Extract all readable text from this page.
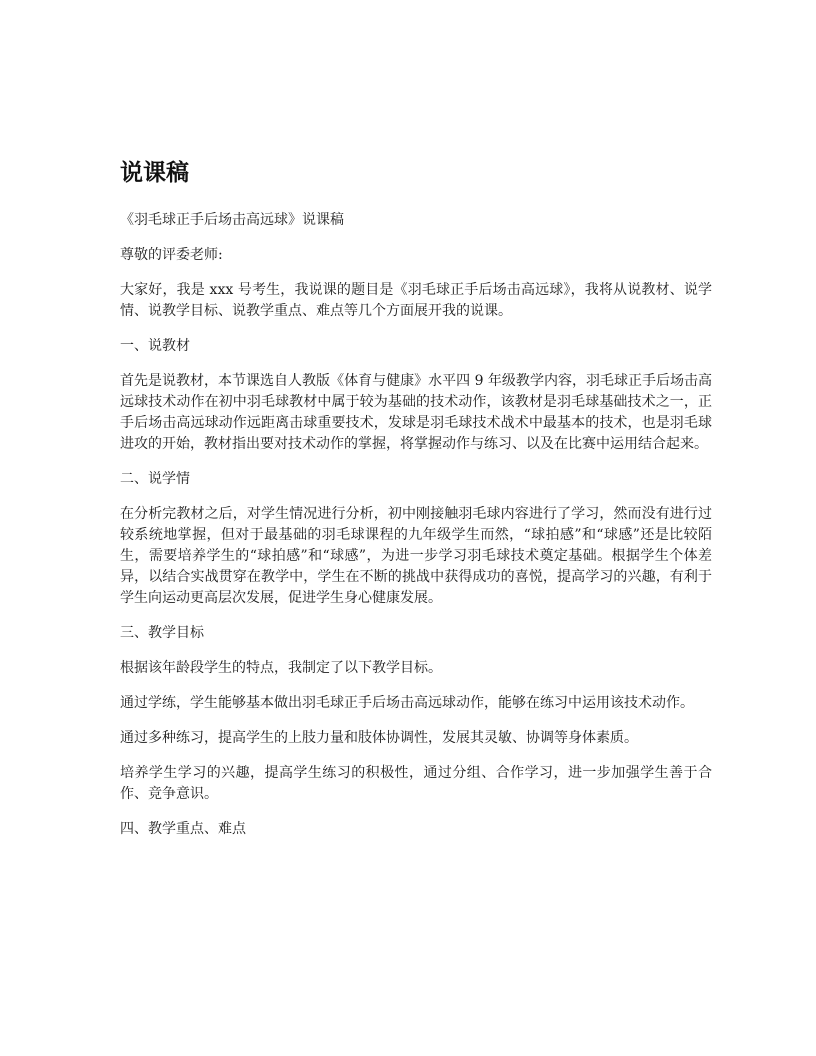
说课稿

《羽毛球正手后场击高远球》说课稿

尊敬的评委老师:

大家好，我是 xxx 号考生，我说课的题目是《羽毛球正手后场击高远球》，我将从说教材、说学情、说教学目标、说教学重点、难点等几个方面展开我的说课。

一、说教材

首先是说教材，本节课选自人教版《体育与健康》水平四 9 年级教学内容，羽毛球正手后场击高远球技术动作在初中羽毛球教材中属于较为基础的技术动作，该教材是羽毛球基础技术之一，正手后场击高远球动作远距离击球重要技术，发球是羽毛球技术战术中最基本的技术，也是羽毛球进攻的开始，教材指出要对技术动作的掌握，将掌握动作与练习、以及在比赛中运用结合起来。

二、说学情

在分析完教材之后，对学生情况进行分析，初中刚接触羽毛球内容进行了学习，然而没有进行过较系统地掌握，但对于最基础的羽毛球课程的九年级学生而然，“球拍感”和“球感”还是比较陌生，需要培养学生的“球拍感”和“球感”，为进一步学习羽毛球技术奠定基础。根据学生个体差异，以结合实战贯穿在教学中，学生在不断的挑战中获得成功的喜悦，提高学习的兴趣，有利于学生向运动更高层次发展，促进学生身心健康发展。

三、教学目标

根据该年龄段学生的特点，我制定了以下教学目标。

通过学练，学生能够基本做出羽毛球正手后场击高远球动作，能够在练习中运用该技术动作。

通过多种练习，提高学生的上肢力量和肢体协调性，发展其灵敏、协调等身体素质。

培养学生学习的兴趣，提高学生练习的积极性，通过分组、合作学习，进一步加强学生善于合作、竞争意识。

四、教学重点、难点
